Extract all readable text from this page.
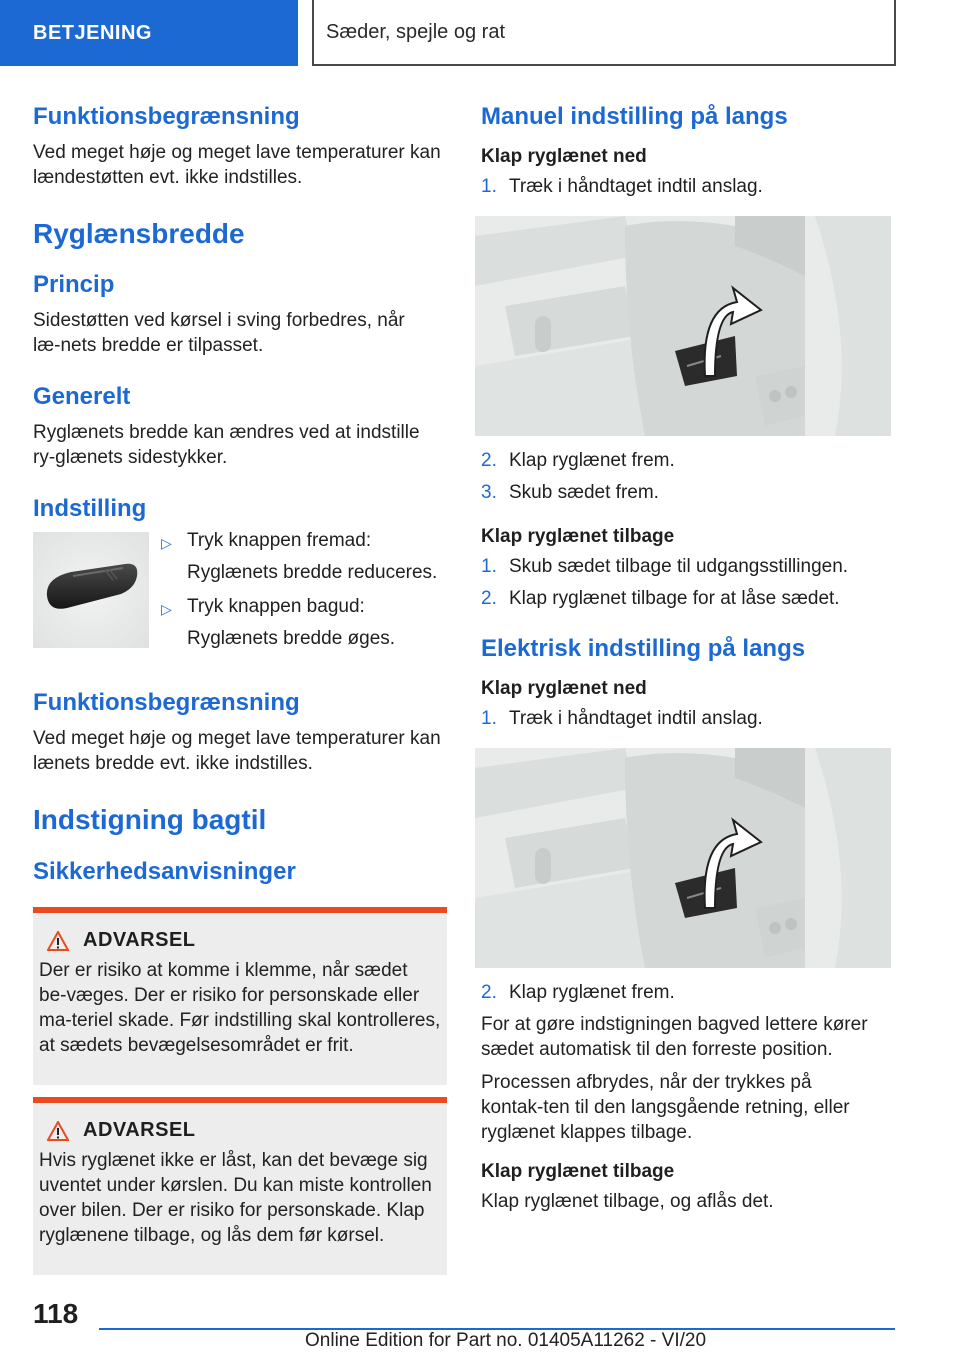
BETJENING	Sæder, spejle og rat
Funktionsbegrænsning

Ved meget høje og meget lave temperaturer kan lændestøtten evt. ikke indstilles.

Ryglænsbredde
Princip

Sidestøtten ved kørsel i sving forbedres, når læ‑nets bredde er tilpasset.

Generelt

Ryglænets bredde kan ændres ved at indstille ry‑glænets sidestykker.

Indstilling
▷ Tryk knappen fremad:
Ryglænets bredde reduceres.
▷ Tryk knappen bagud:
Ryglænets bredde øges.
Funktionsbegrænsning

Ved meget høje og meget lave temperaturer kan lænets bredde evt. ikke indstilles.

Indstigning bagtil
Sikkerhedsanvisninger
ADVARSEL

Der er risiko at komme i klemme, når sædet be‑væges. Der er risiko for personskade eller ma‑teriel skade. Før indstilling skal kontrolleres, at sædets bevægelsesområdet er frit.

ADVARSEL

Hvis ryglænet ikke er låst, kan det bevæge sig uventet under kørslen. Du kan miste kontrollen over bilen. Der er risiko for personskade. Klap ryglænene tilbage, og lås dem før kørsel.

Manuel indstilling på langs
Klap ryglænet ned
1. Træk i håndtaget indtil anslag.
2. Klap ryglænet frem.
3. Skub sædet frem.
Klap ryglænet tilbage
1. Skub sædet tilbage til udgangsstillingen.
2. Klap ryglænet tilbage for at låse sædet.
Elektrisk indstilling på langs
Klap ryglænet ned
1. Træk i håndtaget indtil anslag.
2. Klap ryglænet frem.

For at gøre indstigningen bagved lettere kører sædet automatisk til den forreste position.

Processen afbrydes, når der trykkes på kontak‑ten til den langsgående retning, eller ryglænet klappes tilbage.

Klap ryglænet tilbage

Klap ryglænet tilbage, og aflås det.

118
Online Edition for Part no. 01405A11262 - VI/20
